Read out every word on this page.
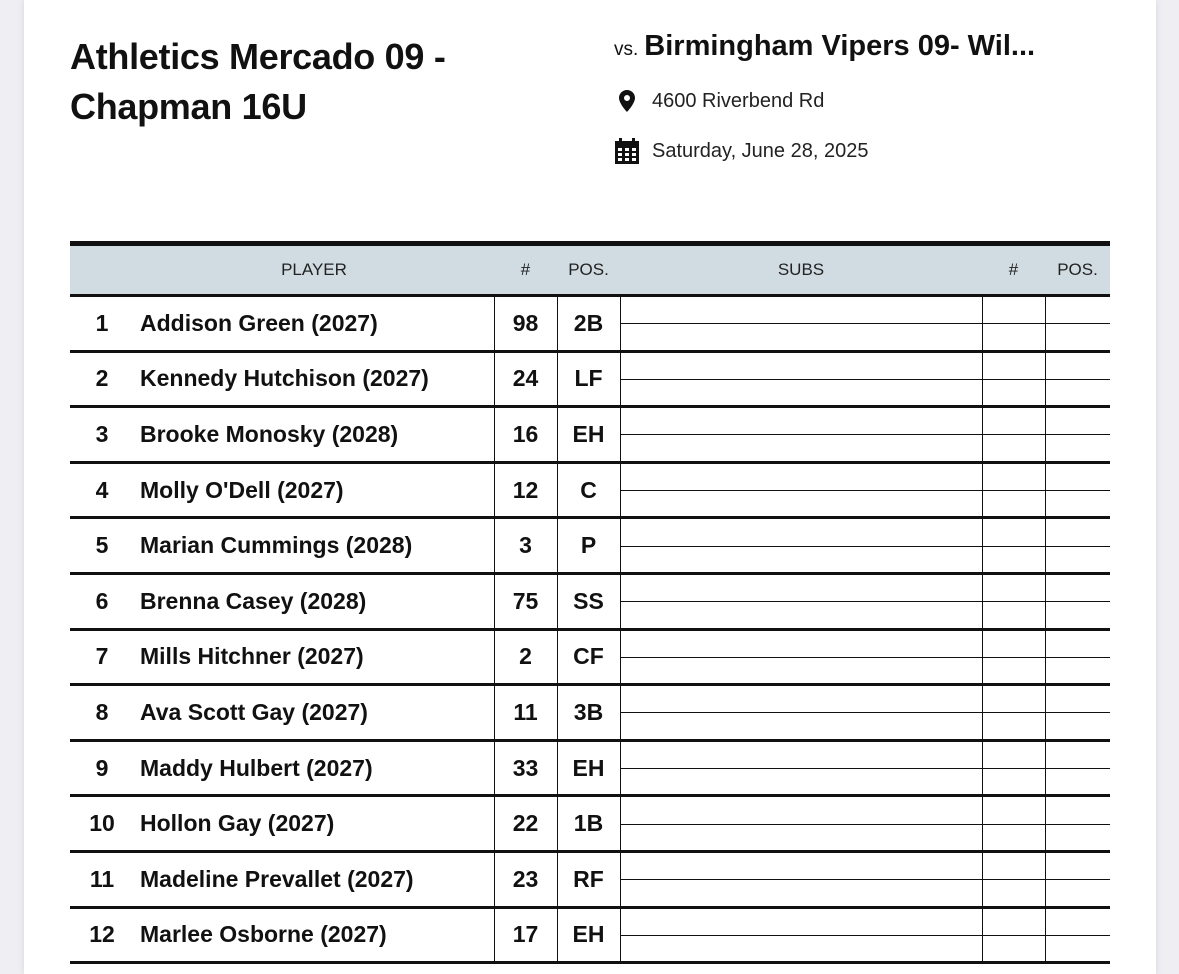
Athletics Mercado 09 - Chapman 16U
vs. Birmingham Vipers 09- Wil...
4600 Riverbend Rd
Saturday, June 28, 2025
	PLAYER	#	POS.	SUBS	#	POS.
1	Addison Green (2027)	98	2B	

2	Kennedy Hutchison (2027)	24	LF	

3	Brooke Monosky (2028)	16	EH	

4	Molly O'Dell (2027)	12	C	

5	Marian Cummings (2028)	3	P	

6	Brenna Casey (2028)	75	SS	

7	Mills Hitchner (2027)	2	CF	

8	Ava Scott Gay (2027)	11	3B	

9	Maddy Hulbert (2027)	33	EH	

10	Hollon Gay (2027)	22	1B	

11	Madeline Prevallet (2027)	23	RF	

12	Marlee Osborne (2027)	17	EH	
